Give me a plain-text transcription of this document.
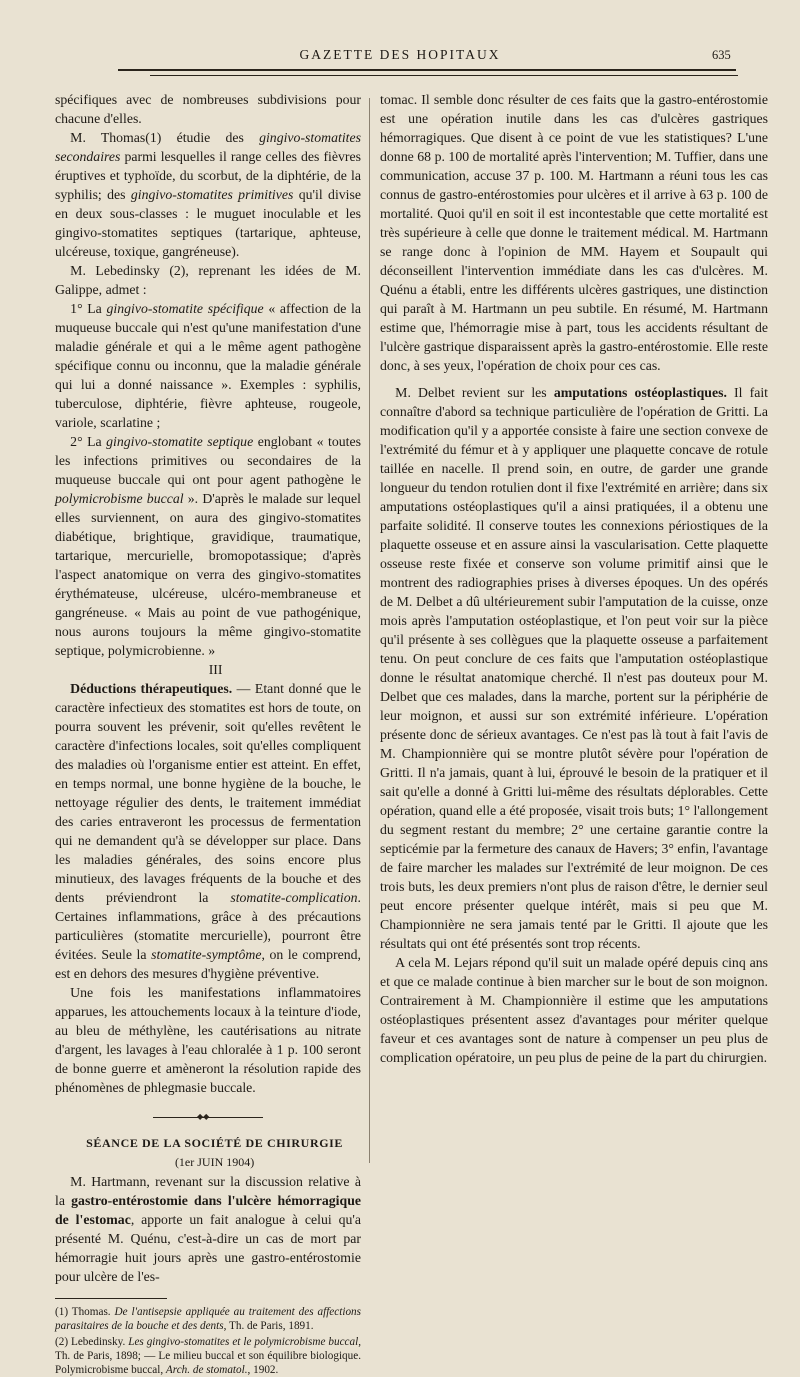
GAZETTE DES HOPITAUX	635

spécifiques avec de nombreuses subdivisions pour chacune d'elles.

M. Thomas(1) étudie des gingivo-stomatites secondaires parmi lesquelles il range celles des fièvres éruptives et typhoïde, du scorbut, de la diphtérie, de la syphilis; des gingivo-stomatites primitives qu'il divise en deux sous-classes : le muguet inoculable et les gingivo-stomatites septiques (tartarique, aphteuse, ulcéreuse, toxique, gangréneuse).

M. Lebedinsky (2), reprenant les idées de M. Galippe, admet :

1° La gingivo-stomatite spécifique « affection de la muqueuse buccale qui n'est qu'une manifestation d'une maladie générale et qui a le même agent pathogène spécifique connu ou inconnu, que la maladie générale qui lui a donné naissance ». Exemples : syphilis, tuberculose, diphtérie, fièvre aphteuse, rougeole, variole, scarlatine ;

2° La gingivo-stomatite septique englobant « toutes les infections primitives ou secondaires de la muqueuse buccale qui ont pour agent pathogène le polymicrobisme buccal ». D'après le malade sur lequel elles surviennent, on aura des gingivo-stomatites diabétique, brightique, gravidique, traumatique, tartarique, mercurielle, bromopotassique; d'après l'aspect anatomique on verra des gingivo-stomatites érythémateuse, ulcéreuse, ulcéro-membraneuse et gangréneuse. « Mais au point de vue pathogénique, nous aurons toujours la même gingivo-stomatite septique, polymicrobienne. »

III

Déductions thérapeutiques. — Etant donné que le caractère infectieux des stomatites est hors de toute, on pourra souvent les prévenir, soit qu'elles revêtent le caractère d'infections locales, soit qu'elles compliquent des maladies où l'organisme entier est atteint. En effet, en temps normal, une bonne hygiène de la bouche, le nettoyage régulier des dents, le traitement immédiat des caries entraveront les processus de fermentation qui ne demandent qu'à se développer sur place. Dans les maladies générales, des soins encore plus minutieux, des lavages fréquents de la bouche et des dents préviendront la stomatite-complication. Certaines inflammations, grâce à des précautions particulières (stomatite mercurielle), pourront être évitées. Seule la stomatite-symptôme, on le comprend, est en dehors des mesures d'hygiène préventive.

Une fois les manifestations inflammatoires apparues, les attouchements locaux à la teinture d'iode, au bleu de méthylène, les cautérisations au nitrate d'argent, les lavages à l'eau chloralée à 1 p. 100 seront de bonne guerre et amèneront la résolution rapide des phénomènes de phlegmasie buccale.

◆◆

SÉANCE DE LA SOCIÉTÉ DE CHIRURGIE

(1er JUIN 1904)

M. Hartmann, revenant sur la discussion relative à la gastro-entérostomie dans l'ulcère hémorragique de l'estomac, apporte un fait analogue à celui qu'a présenté M. Quénu, c'est-à-dire un cas de mort par hémorragie huit jours après une gastro-entérostomie pour ulcère de l'es-

(1) Thomas. De l'antisepsie appliquée au traitement des affections parasitaires de la bouche et des dents, Th. de Paris, 1891.

(2) Lebedinsky. Les gingivo-stomatites et le polymicrobisme buccal, Th. de Paris, 1898; — Le milieu buccal et son équilibre biologique. Polymicrobisme buccal, Arch. de stomatol., 1902.

tomac. Il semble donc résulter de ces faits que la gastro-entérostomie est une opération inutile dans les cas d'ulcères gastriques hémorragiques. Que disent à ce point de vue les statistiques? L'une donne 68 p. 100 de mortalité après l'intervention; M. Tuffier, dans une communication, accuse 37 p. 100. M. Hartmann a réuni tous les cas connus de gastro-entérostomies pour ulcères et il arrive à 63 p. 100 de mortalité. Quoi qu'il en soit il est incontestable que cette mortalité est très supérieure à celle que donne le traitement médical. M. Hartmann se range donc à l'opinion de MM. Hayem et Soupault qui déconseillent l'intervention immédiate dans les cas d'ulcères. M. Quénu a établi, entre les différents ulcères gastriques, une distinction qui paraît à M. Hartmann un peu subtile. En résumé, M. Hartmann estime que, l'hémorragie mise à part, tous les accidents résultant de l'ulcère gastrique disparaissent après la gastro-entérostomie. Elle reste donc, à ses yeux, l'opération de choix pour ces cas.

M. Delbet revient sur les amputations ostéoplastiques. Il fait connaître d'abord sa technique particulière de l'opération de Gritti. La modification qu'il y a apportée consiste à faire une section convexe de l'extrémité du fémur et à y appliquer une plaquette concave de rotule taillée en nacelle. Il prend soin, en outre, de garder une grande longueur du tendon rotulien dont il fixe l'extrémité en arrière; dans six amputations ostéoplastiques qu'il a ainsi pratiquées, il a obtenu une parfaite solidité. Il conserve toutes les connexions périostiques de la plaquette osseuse et en assure ainsi la vascularisation. Cette plaquette osseuse reste fixée et conserve son volume primitif ainsi que le montrent des radiographies prises à diverses époques. Un des opérés de M. Delbet a dû ultérieurement subir l'amputation de la cuisse, onze mois après l'amputation ostéoplastique, et l'on peut voir sur la pièce qu'il présente à ses collègues que la plaquette osseuse a parfaitement tenu. On peut conclure de ces faits que l'amputation ostéoplastique donne le résultat anatomique cherché. Il n'est pas douteux pour M. Delbet que ces malades, dans la marche, portent sur la périphérie de leur moignon, et aussi sur son extrémité inférieure. L'opération présente donc de sérieux avantages. Ce n'est pas là tout à fait l'avis de M. Championnière qui se montre plutôt sévère pour l'opération de Gritti. Il n'a jamais, quant à lui, éprouvé le besoin de la pratiquer et il sait qu'elle a donné à Gritti lui-même des résultats déplorables. Cette opération, quand elle a été proposée, visait trois buts; 1° l'allongement du segment restant du membre; 2° une certaine garantie contre la septicémie par la fermeture des canaux de Havers; 3° enfin, l'avantage de faire marcher les malades sur l'extrémité de leur moignon. De ces trois buts, les deux premiers n'ont plus de raison d'être, le dernier seul peut encore présenter quelque intérêt, mais si peu que M. Championnière ne sera jamais tenté par le Gritti. Il ajoute que les résultats qui ont été présentés sont trop récents.

A cela M. Lejars répond qu'il suit un malade opéré depuis cinq ans et que ce malade continue à bien marcher sur le bout de son moignon. Contrairement à M. Championnière il estime que les amputations ostéoplastiques présentent assez d'avantages pour mériter quelque faveur et ces avantages sont de nature à compenser un peu plus de complication opératoire, un peu plus de peine de la part du chirurgien.
